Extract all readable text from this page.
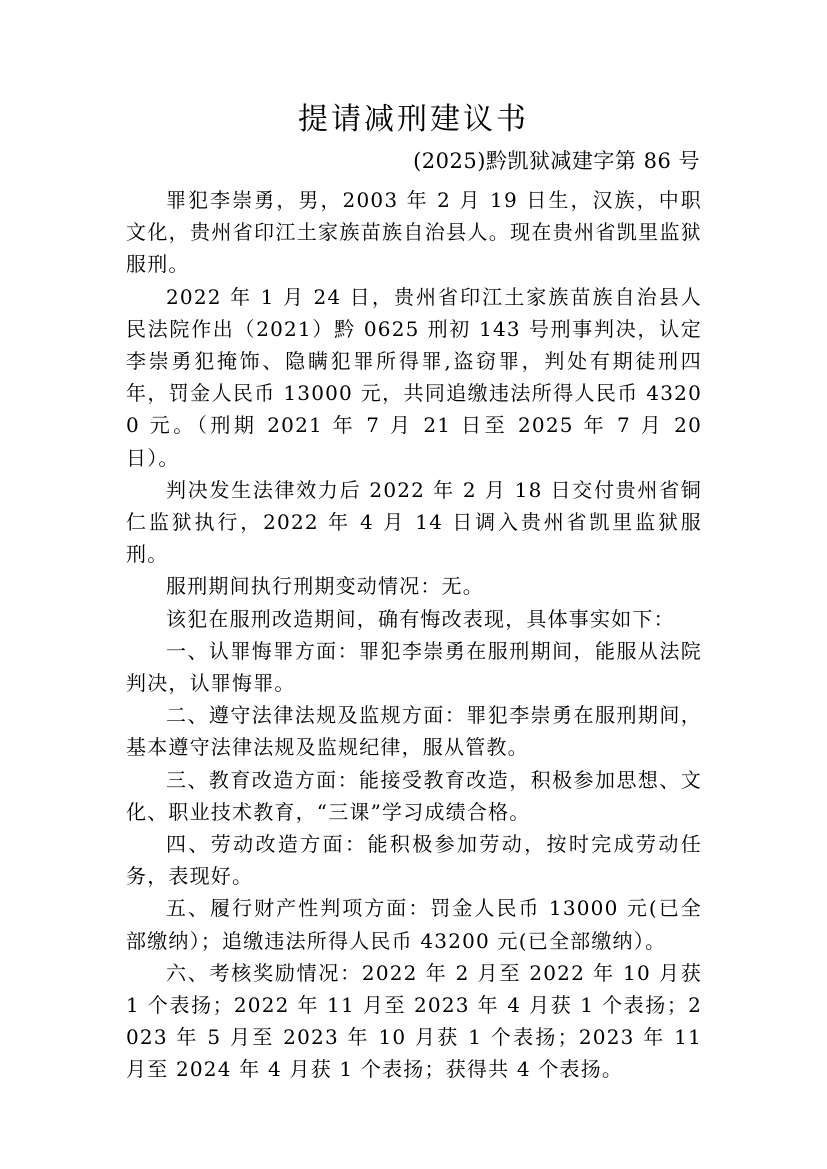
提请减刑建议书

(2025)黔凯狱减建字第 86 号

罪犯李崇勇，男，2003 年 2 月 19 日生，汉族，中职文化，贵州省印江土家族苗族自治县人。现在贵州省凯里监狱服刑。

2022 年 1 月 24 日，贵州省印江土家族苗族自治县人民法院作出（2021）黔 0625 刑初 143 号刑事判决，认定李崇勇犯掩饰、隐瞒犯罪所得罪,盗窃罪，判处有期徒刑四年，罚金人民币 13000 元，共同追缴违法所得人民币 43200 元。（刑期 2021 年 7 月 21 日至 2025 年 7 月 20 日）。

判决发生法律效力后 2022 年 2 月 18 日交付贵州省铜仁监狱执行，2022 年 4 月 14 日调入贵州省凯里监狱服刑。

服刑期间执行刑期变动情况：无。

该犯在服刑改造期间，确有悔改表现，具体事实如下：

一、认罪悔罪方面：罪犯李崇勇在服刑期间，能服从法院判决，认罪悔罪。

二、遵守法律法规及监规方面：罪犯李崇勇在服刑期间，基本遵守法律法规及监规纪律，服从管教。

三、教育改造方面：能接受教育改造，积极参加思想、文化、职业技术教育，“三课”学习成绩合格。

四、劳动改造方面：能积极参加劳动，按时完成劳动任务，表现好。

五、履行财产性判项方面：罚金人民币 13000 元(已全部缴纳）；追缴违法所得人民币 43200 元(已全部缴纳）。

六、考核奖励情况：2022 年 2 月至 2022 年 10 月获 1 个表扬；2022 年 11 月至 2023 年 4 月获 1 个表扬；2023 年 5 月至 2023 年 10 月获 1 个表扬；2023 年 11 月至 2024 年 4 月获 1 个表扬；获得共 4 个表扬。
